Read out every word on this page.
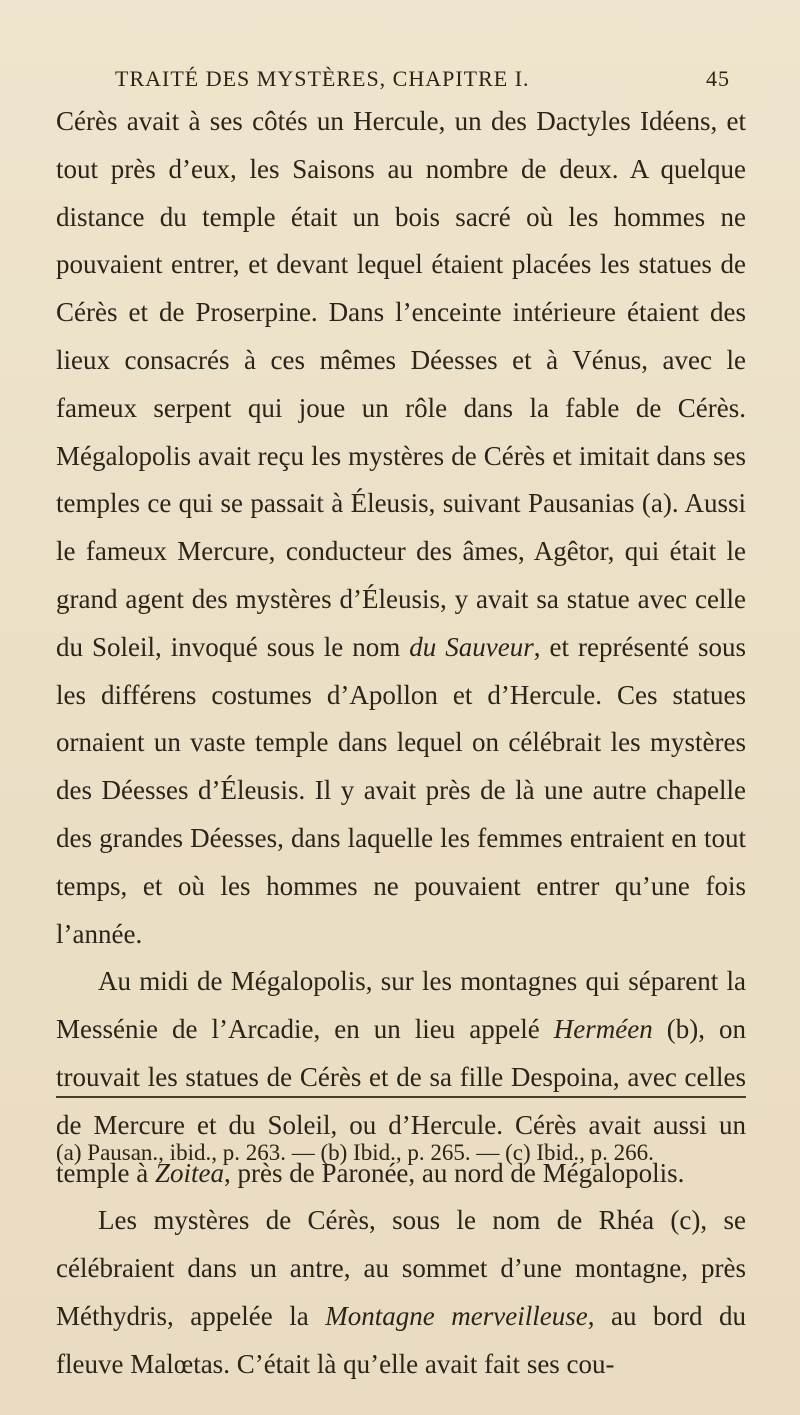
TRAITÉ DES MYSTÈRES, CHAPITRE I.	45

Cérès avait à ses côtés un Hercule, un des Dactyles Idéens, et tout près d’eux, les Saisons au nombre de deux. A quelque distance du temple était un bois sacré où les hommes ne pouvaient entrer, et devant lequel étaient placées les statues de Cérès et de Proserpine. Dans l’enceinte intérieure étaient des lieux consacrés à ces mêmes Déesses et à Vénus, avec le fameux serpent qui joue un rôle dans la fable de Cérès. Mégalopolis avait reçu les mystères de Cérès et imitait dans ses temples ce qui se passait à Éleusis, suivant Pausanias (a). Aussi le fameux Mercure, conducteur des âmes, Agêtor, qui était le grand agent des mystères d’Éleusis, y avait sa statue avec celle du Soleil, invoqué sous le nom du Sauveur, et représenté sous les différens costumes d’Apollon et d’Hercule. Ces statues ornaient un vaste temple dans lequel on célébrait les mystères des Déesses d’Éleusis. Il y avait près de là une autre chapelle des grandes Déesses, dans laquelle les femmes entraient en tout temps, et où les hommes ne pouvaient entrer qu’une fois l’année.

Au midi de Mégalopolis, sur les montagnes qui séparent la Messénie de l’Arcadie, en un lieu appelé Herméen (b), on trouvait les statues de Cérès et de sa fille Despoina, avec celles de Mercure et du Soleil, ou d’Hercule. Cérès avait aussi un temple à Zoitea, près de Paronée, au nord de Mégalopolis.

Les mystères de Cérès, sous le nom de Rhéa (c), se célébraient dans un antre, au sommet d’une montagne, près Méthydris, appelée la Montagne merveilleuse, au bord du fleuve Malœtas. C’était là qu’elle avait fait ses cou-

(a) Pausan., ibid., p. 263. — (b) Ibid., p. 265. — (c) Ibid., p. 266.
